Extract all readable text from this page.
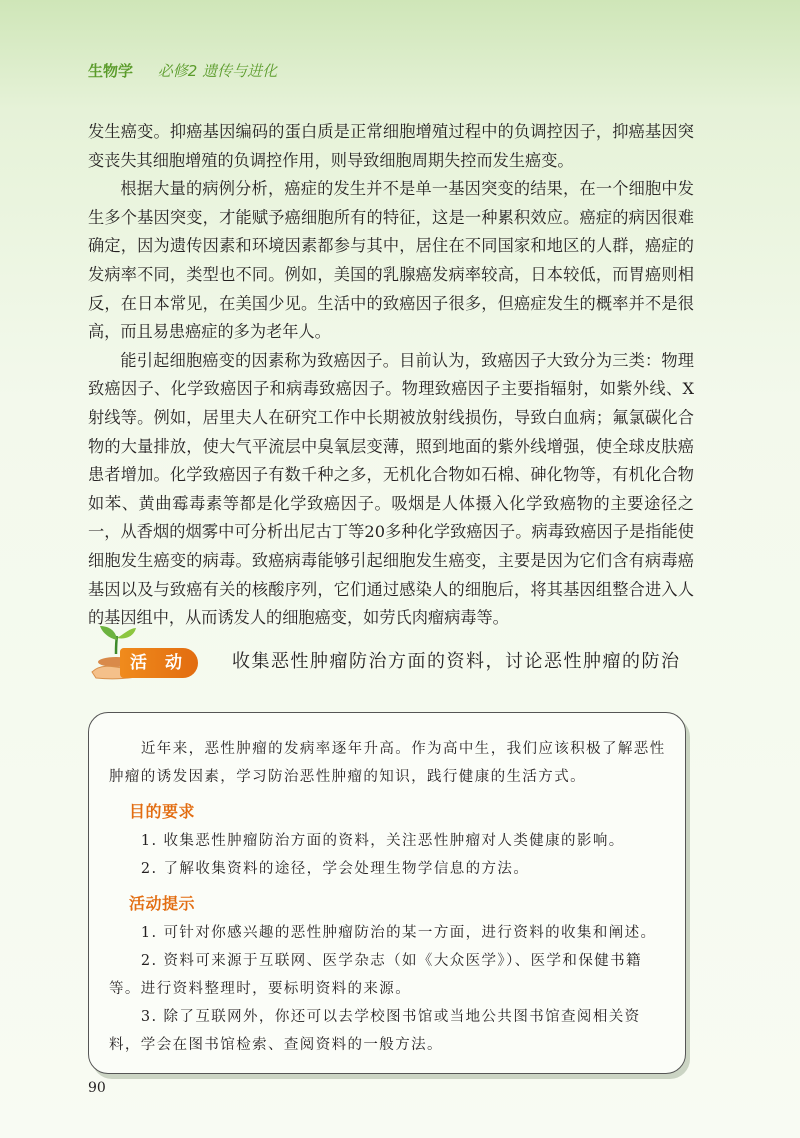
生物学 必修2 遗传与进化

发生癌变。抑癌基因编码的蛋白质是正常细胞增殖过程中的负调控因子，抑癌基因突变丧失其细胞增殖的负调控作用，则导致细胞周期失控而发生癌变。

根据大量的病例分析，癌症的发生并不是单一基因突变的结果，在一个细胞中发生多个基因突变，才能赋予癌细胞所有的特征，这是一种累积效应。癌症的病因很难确定，因为遗传因素和环境因素都参与其中，居住在不同国家和地区的人群，癌症的发病率不同，类型也不同。例如，美国的乳腺癌发病率较高，日本较低，而胃癌则相反，在日本常见，在美国少见。生活中的致癌因子很多，但癌症发生的概率并不是很高，而且易患癌症的多为老年人。

能引起细胞癌变的因素称为致癌因子。目前认为，致癌因子大致分为三类：物理致癌因子、化学致癌因子和病毒致癌因子。物理致癌因子主要指辐射，如紫外线、X射线等。例如，居里夫人在研究工作中长期被放射线损伤，导致白血病；氟氯碳化合物的大量排放，使大气平流层中臭氧层变薄，照到地面的紫外线增强，使全球皮肤癌患者增加。化学致癌因子有数千种之多，无机化合物如石棉、砷化物等，有机化合物如苯、黄曲霉毒素等都是化学致癌因子。吸烟是人体摄入化学致癌物的主要途径之一，从香烟的烟雾中可分析出尼古丁等20多种化学致癌因子。病毒致癌因子是指能使细胞发生癌变的病毒。致癌病毒能够引起细胞发生癌变，主要是因为它们含有病毒癌基因以及与致癌有关的核酸序列，它们通过感染人的细胞后，将其基因组整合进入人的基因组中，从而诱发人的细胞癌变，如劳氏肉瘤病毒等。

活 动	收集恶性肿瘤防治方面的资料，讨论恶性肿瘤的防治

近年来，恶性肿瘤的发病率逐年升高。作为高中生，我们应该积极了解恶性肿瘤的诱发因素，学习防治恶性肿瘤的知识，践行健康的生活方式。

目的要求

1. 收集恶性肿瘤防治方面的资料，关注恶性肿瘤对人类健康的影响。

2. 了解收集资料的途径，学会处理生物学信息的方法。

活动提示

1. 可针对你感兴趣的恶性肿瘤防治的某一方面，进行资料的收集和阐述。

2. 资料可来源于互联网、医学杂志（如《大众医学》）、医学和保健书籍等。进行资料整理时，要标明资料的来源。

3. 除了互联网外，你还可以去学校图书馆或当地公共图书馆查阅相关资料，学会在图书馆检索、查阅资料的一般方法。

90
